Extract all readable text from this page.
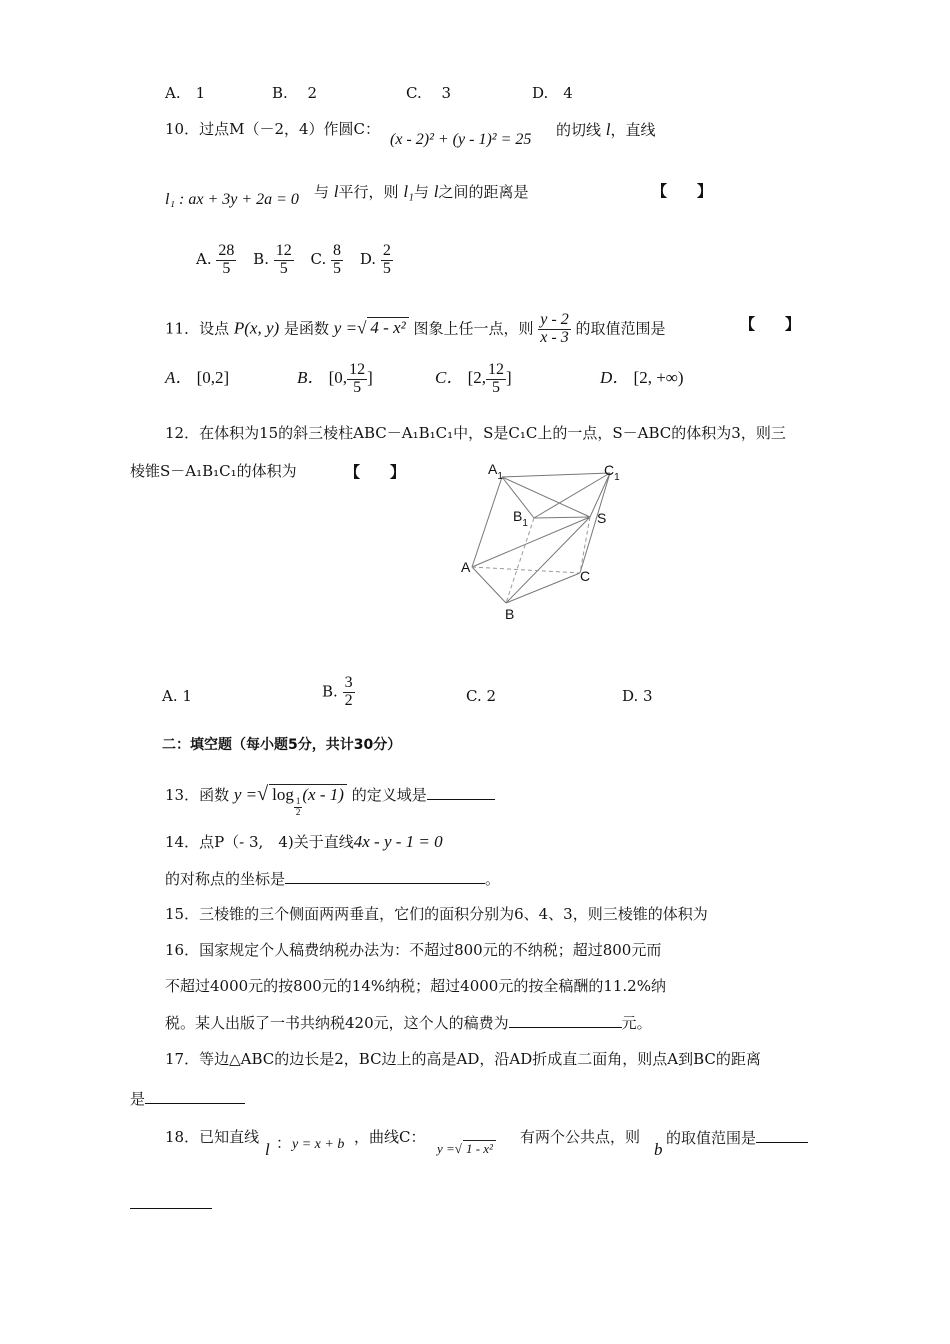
A.　1	B.　 2	C.　 3	D.　4
10．过点M（－2，4）作圆C：
(x - 2)² + (y - 1)² = 25
的切线 l，直线
l₁ : ax + 3y + 2a = 0 与 l平行，则 l₁与 l之间的距离是	【　　】
A. $\frac{28}{5} B$. $\frac{12}{5} C$. $\frac{8}{5} D$. $\frac{2}{5}$
11．设点 P(x, y) 是函数 y =√ 4 - x² 图象上任一点，则 $\frac{y - 2}{x - 3}$ 的取值范围是	【　　】
A． [0,2]	B． [0, $\frac{12}{5}$ ]	C． [2, $\frac{12}{5}$ ]	D． [2, +∞)
12．在体积为15的斜三棱柱ABC－A₁B₁C₁中，S是C₁C上的一点，S－ABC的体积为3，则三
棱锥S－A₁B₁C₁的体积为	【　　】	$A_1$	$C_1$
$B_1$	S
A
C
B
A. 1	B. $\frac{3}{2}$	C. 2	D. 3
二：填空题（每小题5分，共计30分）
13．函数 y =√ log
$\frac{1}{2}$
(x - 1) 的定义域是
14．点P（- 3,　4)关于直线4x - y - 1 = 0
的对称点的坐标是	。
15．三棱锥的三个侧面两两垂直，它们的面积分别为6、4、3，则三棱锥的体积为
16．国家规定个人稿费纳税办法为：不超过800元的不纳税；超过800元而
不超过4000元的按800元的14%纳税；超过4000元的按全稿酬的11.2%纳
税。某人出版了一书共纳税420元，这个人的稿费为	元。
17．等边△ABC的边长是2，BC边上的高是AD，沿AD折成直二面角，则点A到BC的距离
是
18．已知直线
l ： y = x + b ，曲线C：
y =√ 1 - x²
有两个公共点，则
b
的取值范围是
